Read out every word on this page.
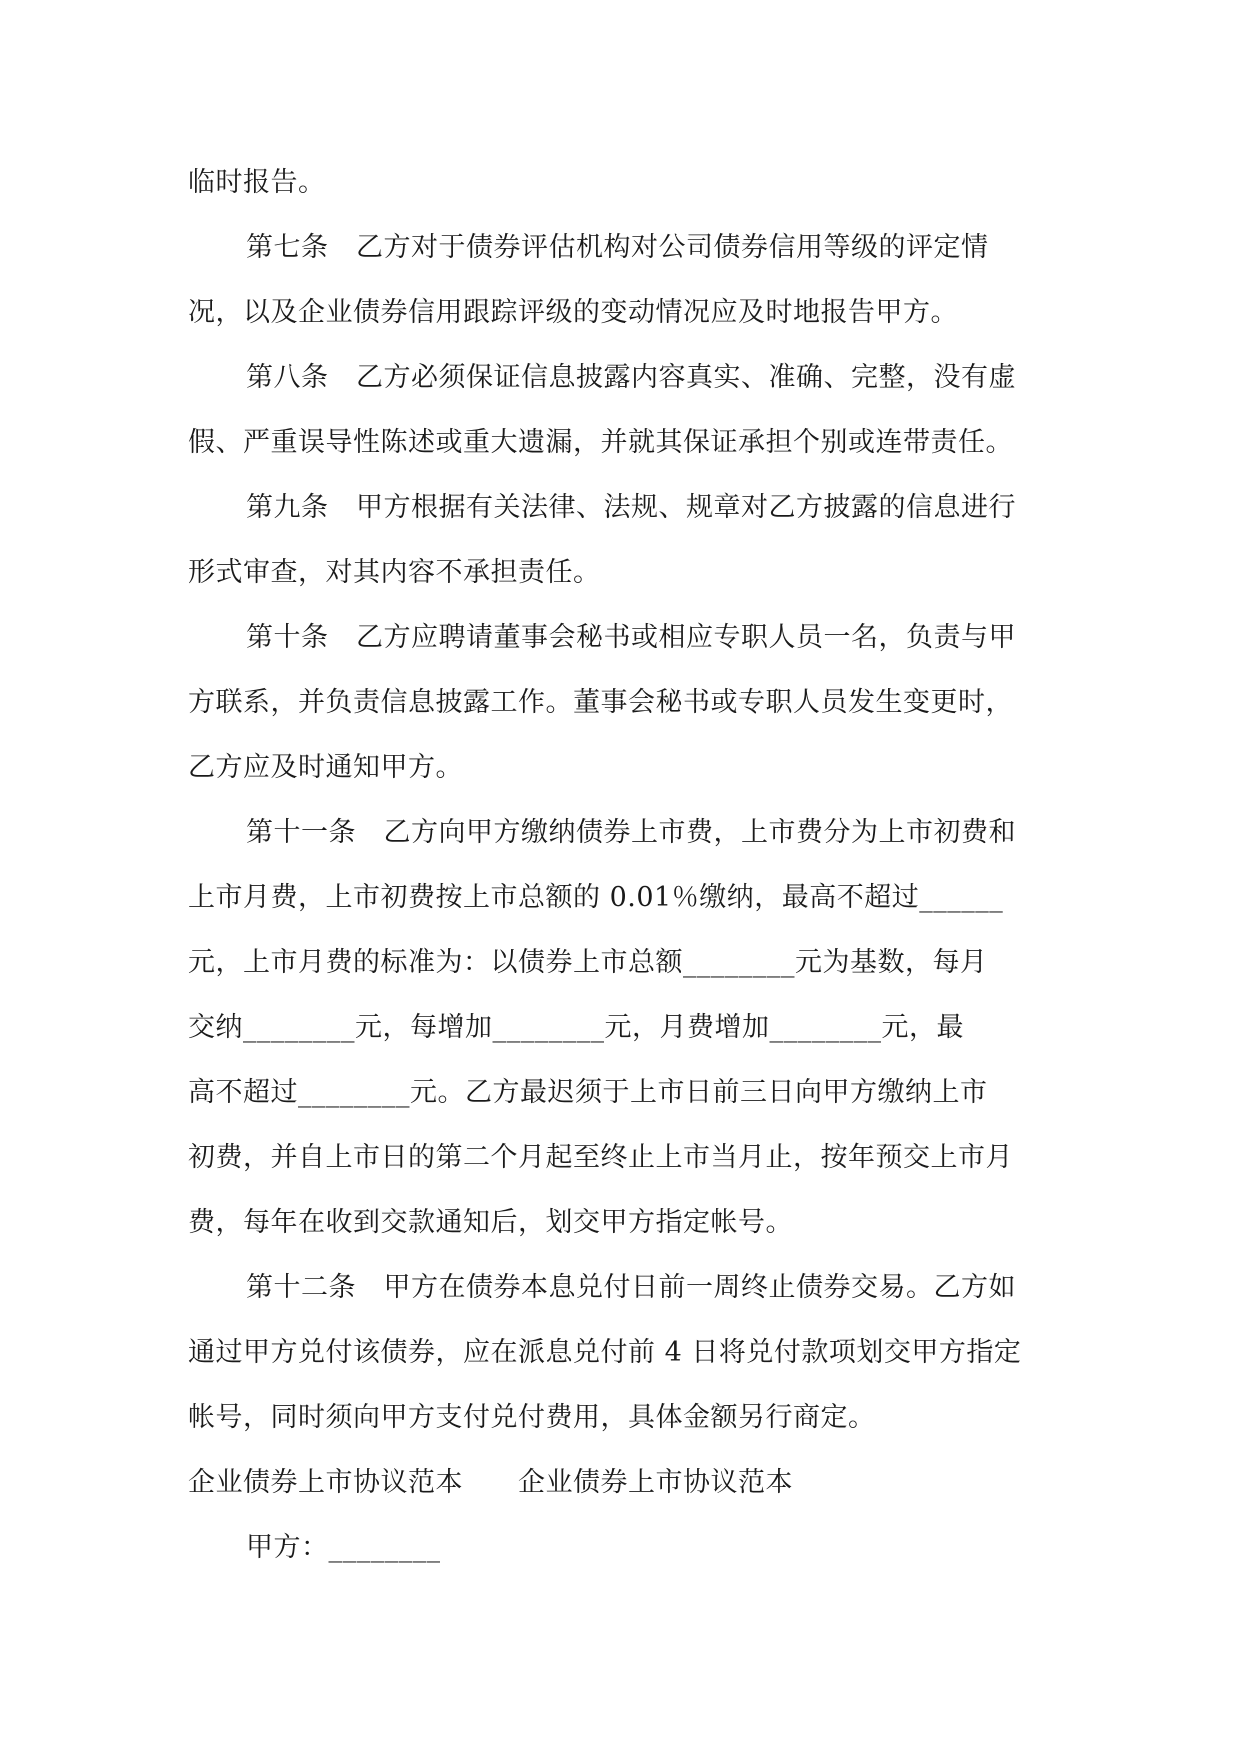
临时报告。
第七条　乙方对于债券评估机构对公司债券信用等级的评定情
况，以及企业债券信用跟踪评级的变动情况应及时地报告甲方。
第八条　乙方必须保证信息披露内容真实、准确、完整，没有虚
假、严重误导性陈述或重大遗漏，并就其保证承担个别或连带责任。
第九条　甲方根据有关法律、法规、规章对乙方披露的信息进行
形式审查，对其内容不承担责任。
第十条　乙方应聘请董事会秘书或相应专职人员一名，负责与甲
方联系，并负责信息披露工作。董事会秘书或专职人员发生变更时，
乙方应及时通知甲方。
第十一条　乙方向甲方缴纳债券上市费，上市费分为上市初费和
上市月费，上市初费按上市总额的 0.01％缴纳，最高不超过______
元，上市月费的标准为：以债券上市总额________元为基数，每月
交纳________元，每增加________元，月费增加________元，最
高不超过________元。乙方最迟须于上市日前三日向甲方缴纳上市
初费，并自上市日的第二个月起至终止上市当月止，按年预交上市月
费，每年在收到交款通知后，划交甲方指定帐号。
第十二条　甲方在债券本息兑付日前一周终止债券交易。乙方如
通过甲方兑付该债券，应在派息兑付前 4 日将兑付款项划交甲方指定
帐号，同时须向甲方支付兑付费用，具体金额另行商定。
企业债券上市协议范本　　企业债券上市协议范本
甲方：________
